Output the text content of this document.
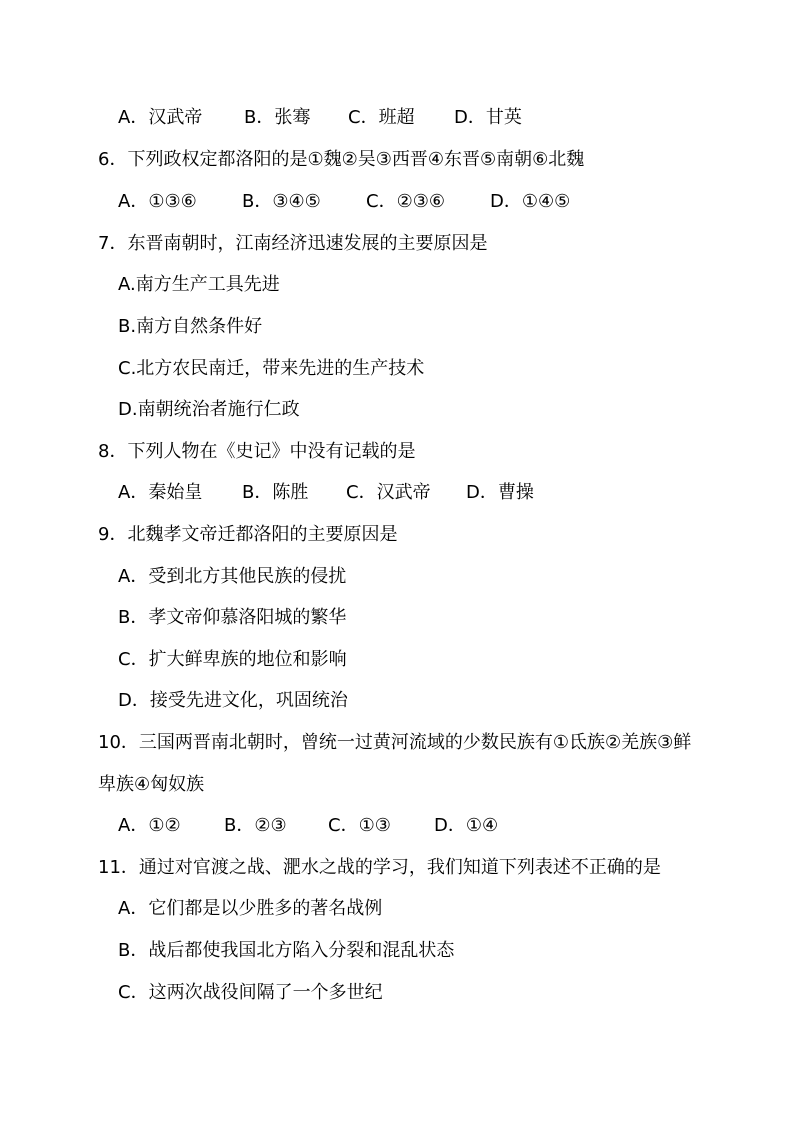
A．汉武帝 B．张骞 C．班超 D．甘英
6．下列政权定都洛阳的是①魏②吴③西晋④东晋⑤南朝⑥北魏
A．①③⑥	B．③④⑤	C．②③⑥	D．①④⑤
7．东晋南朝时，江南经济迅速发展的主要原因是
A.南方生产工具先进
B.南方自然条件好
C.北方农民南迁，带来先进的生产技术
D.南朝统治者施行仁政
8．下列人物在《史记》中没有记载的是
A．秦始皇 B．陈胜 C．汉武帝 D．曹操
9．北魏孝文帝迁都洛阳的主要原因是
A．受到北方其他民族的侵扰
B．孝文帝仰慕洛阳城的繁华
C．扩大鲜卑族的地位和影响
D．接受先进文化，巩固统治
10．三国两晋南北朝时，曾统一过黄河流域的少数民族有①氐族②羌族③鲜
卑族④匈奴族
A．①② B．②③ C．①③ D．①④
11．通过对官渡之战、淝水之战的学习，我们知道下列表述不正确的是
A．它们都是以少胜多的著名战例
B．战后都使我国北方陷入分裂和混乱状态
C．这两次战役间隔了一个多世纪
